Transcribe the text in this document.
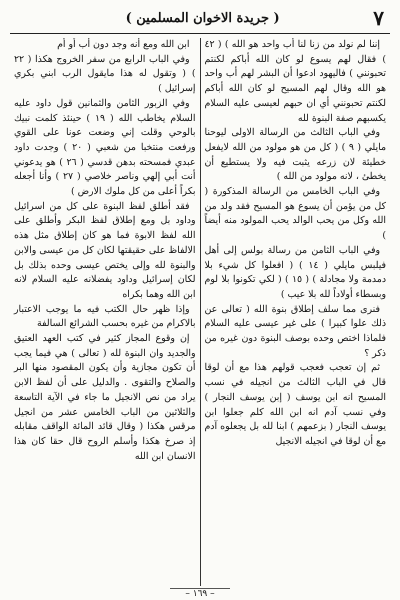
٧
( جريدة الاخوان المسلمين )

إننا لم نولد من زنا لنا أب واحد هو الله ) ( ٤٢ ) فقال لهم يسوع لو كان الله أباكم لكنتم تحبونني ) فاليهود ادعوا أن البشر لهم أب واحد هو الله وقال لهم المسيح لو كان الله أباكم لكنتم تحبونني أي ان حبهم لعيسى عليه السلام يكسبهم صفة البنوة لله

وفي الباب الثالث من الرسالة الاولى ليوحنا مايلي ( ٩ ) ( كل من هو مولود من الله لايفعل خطيئة لان زرعه يثبت فيه ولا يستطيع أن يخطئ ، لانه مولود من الله )

وفي الباب الخامس من الرسالة المذكورة ( كل من يؤمن أن يسوع هو المسيح فقد ولد من الله وكل من يحب الوالد يحب المولود منه أيضاً )

وفي الباب الثامن من رسالة بولس إلى أهل فيلبس مايلي ( ١٤ ) ( افعلوا كل شيء بلا دمدمة ولا مجادلة ) ( ١٥ ) ( لكي تكونوا بلا لوم وبسطاء أولاداً لله بلا عيب )

فنرى مما سلف إطلاق بنوة الله ( تعالى عن ذلك علوا كبيرا ) على غير عيسى عليه السلام فلماذا اختص وحده بوصف البنوة دون غيره من ذكر ؟

ثم إن تعجب فعجب قولهم هذا مع أن لوقا قال في الباب الثالث من انجيله في نسب المسيح انه ابن يوسف ( إبن يوسف النجار ) وفي نسب آدم انه ابن الله كلم جعلوا ابن يوسف النجار ( بزعمهم ) ابنا لله بل يجعلوه آدم مع أن لوقا في انجيله الانجيل

ابن الله ومع أنه وجد دون أب أو أم

وفي الباب الرابع من سفر الخروج هكذا ( ٢٢ ) ( وتقول له هذا مايقول الرب ابني بكري إسرائيل )

وفي الزبور الثامن والثمانين قول داود عليه السلام يخاطب الله ( ١٩ ) حينئذ كلمت نبيك بالوحي وقلت إني وضعت عونا على القوي ورفعت منتخبا من شعبي ( ٢٠ ) وجدت داود عبدي فمسحته بدهن قدسي ( ٢٦ ) هو يدعوني أنت أبي إلهي وناصر خلاصي ( ٢٧ ) وأنا أجعله بكراً أعلى من كل ملوك الارض )

فقد أطلق لفظ البنوة على كل من اسرائيل وداود بل ومع إطلاق لفظ البكر وأطلق على الله لفظ الابوة فما هو كان إطلاق مثل هذه الالفاظ على حقيقتها لكان كل من عيسى والابن والبنوة لله وإلى يختص عيسى وحده بذلك بل لكان إسرائيل وداود يفضلانه عليه السلام لانه ابن الله وهما بكراه

وإذا ظهر حال الكتب فيه ما يوجب الاعتبار بالاكرام من غيره بحسب الشرائع السالفة

إن وقوع المجاز كثير في كتب العهد العتيق والجديد وان البنوة لله ( تعالى ) هي فيما يجب أن تكون مجازية وأن يكون المقصود منها البر والصلاح والتقوى . والدليل على أن لفظ الابن يراد من نص الانجيل ما جاء في الآية التاسعة والثلاثين من الباب الخامس عشر من انجيل مرقس هكذا ( وقال قائد المائة الواقف مقابله إذ صرخ هكذا وأسلم الروح قال حقا كان هذا الانسان ابن الله

– ١٦٩ –
